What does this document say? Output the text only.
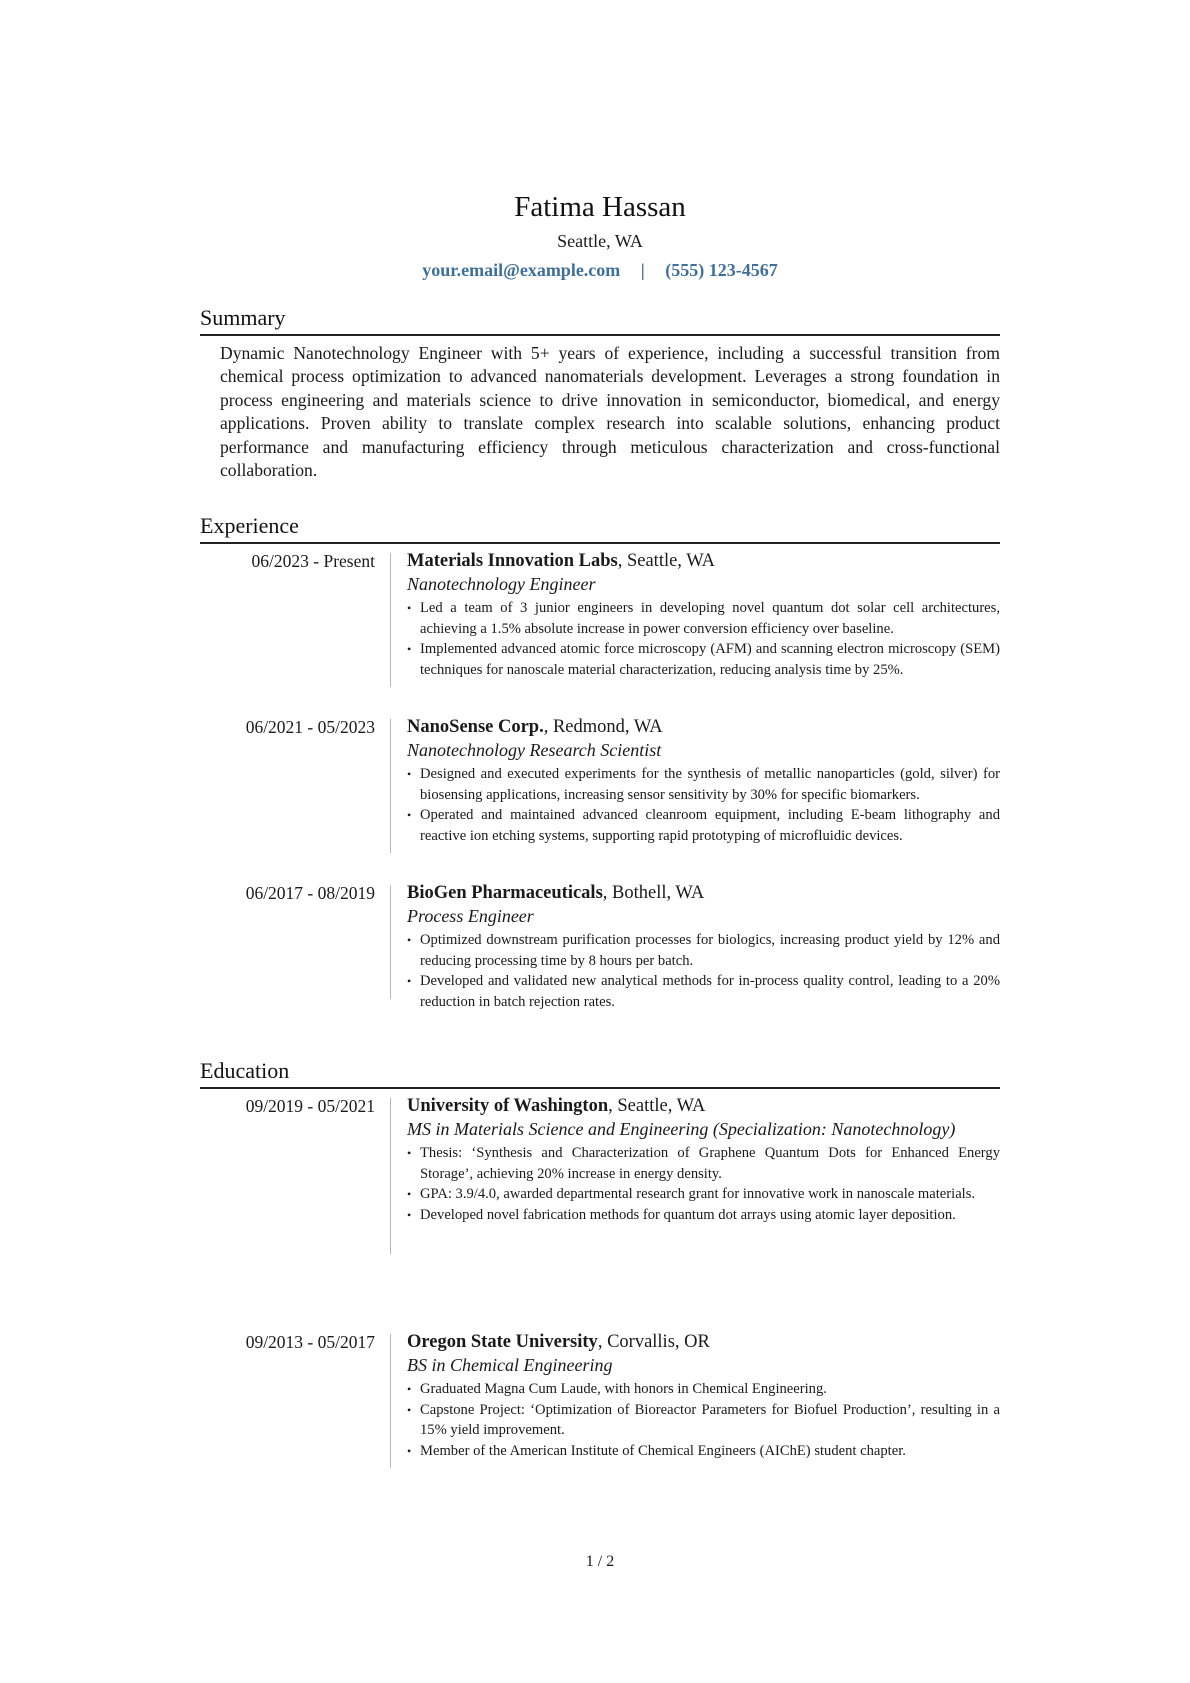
Fatima Hassan
Seattle, WA
your.email@example.com | (555) 123-4567
Summary

Dynamic Nanotechnology Engineer with 5+ years of experience, including a successful transition from chemical process optimization to advanced nanomaterials development. Leverages a strong foundation in process engineering and materials science to drive innovation in semiconductor, biomedical, and energy applications. Proven ability to translate complex research into scalable solutions, enhancing product performance and manufacturing efficiency through meticulous characterization and cross-functional collaboration.

Experience
06/2023 - Present Materials Innovation Labs, Seattle, WA
Nanotechnology Engineer
• Led a team of 3 junior engineers in developing novel quantum dot solar cell architectures, achieving a 1.5% absolute increase in power conversion efficiency over baseline.
• Implemented advanced atomic force microscopy (AFM) and scanning electron microscopy (SEM) techniques for nanoscale material characterization, reducing analysis time by 25%.
06/2021 - 05/2023 NanoSense Corp., Redmond, WA
Nanotechnology Research Scientist
• Designed and executed experiments for the synthesis of metallic nanoparticles (gold, silver) for biosensing applications, increasing sensor sensitivity by 30% for specific biomarkers.
• Operated and maintained advanced cleanroom equipment, including E-beam lithography and reactive ion etching systems, supporting rapid prototyping of microfluidic devices.
06/2017 - 08/2019 BioGen Pharmaceuticals, Bothell, WA
Process Engineer
• Optimized downstream purification processes for biologics, increasing product yield by 12% and reducing processing time by 8 hours per batch.
• Developed and validated new analytical methods for in-process quality control, leading to a 20% reduction in batch rejection rates.
Education
09/2019 - 05/2021 University of Washington, Seattle, WA
MS in Materials Science and Engineering (Specialization: Nanotechnology)
• Thesis: ‘Synthesis and Characterization of Graphene Quantum Dots for Enhanced Energy Storage’, achieving 20% increase in energy density.
• GPA: 3.9/4.0, awarded departmental research grant for innovative work in nanoscale materials.
• Developed novel fabrication methods for quantum dot arrays using atomic layer deposition.
09/2013 - 05/2017 Oregon State University, Corvallis, OR
BS in Chemical Engineering
• Graduated Magna Cum Laude, with honors in Chemical Engineering.
• Capstone Project: ‘Optimization of Bioreactor Parameters for Biofuel Production’, resulting in a 15% yield improvement.
• Member of the American Institute of Chemical Engineers (AIChE) student chapter.
1 / 2
